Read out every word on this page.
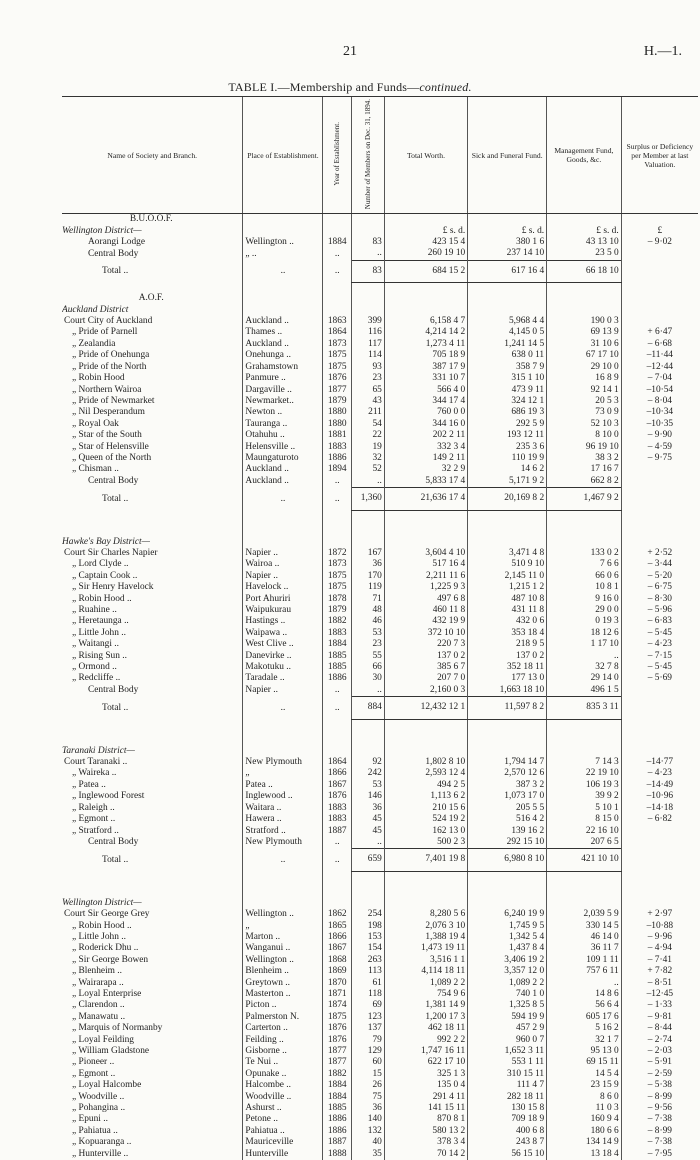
21	H.—1.
TABLE I.—Membership and Funds—continued.
Name of Society and Branch.	Place of Establishment.	Year of Establishment.	Number of Members on Dec. 31, 1894.	Total Worth.	Sick and Funeral Fund.	Management Fund, Goods, &c.	Surplus or Deficiency per Member at last Valuation.
B.U.O.O.F.							
Wellington District—				£ s. d.	£ s. d.	£ s. d.	£
Aorangi Lodge	Wellington ..	1884	83	423 15 4	380 1 6	43 13 10	– 9·02
Central Body	„ ..	..	..	260 19 10	237 14 10	23 5 0	
Total ..	..	..	83	684 15 2	617 16 4	66 18 10	

A.O.F.							
Auckland District							
Court City of Auckland	Auckland ..	1863	399	6,158 4 7	5,968 4 4	190 0 3	
„ Pride of Parnell	Thames ..	1864	116	4,214 14 2	4,145 0 5	69 13 9	+ 6·47
„ Zealandia	Auckland ..	1873	117	1,273 4 11	1,241 14 5	31 10 6	– 6·68
„ Pride of Onehunga	Onehunga ..	1875	114	705 18 9	638 0 11	67 17 10	–11·44
„ Pride of the North	Grahamstown	1875	93	387 17 9	358 7 9	29 10 0	–12·44
„ Robin Hood	Panmure ..	1876	23	331 10 7	315 1 10	16 8 9	– 7·04
„ Northern Wairoa	Dargaville ..	1877	65	566 4 0	473 9 11	92 14 1	–10·54
„ Pride of Newmarket	Newmarket..	1879	43	344 17 4	324 12 1	20 5 3	– 8·04
„ Nil Desperandum	Newton ..	1880	211	760 0 0	686 19 3	73 0 9	–10·34
„ Royal Oak	Tauranga ..	1880	54	344 16 0	292 5 9	52 10 3	–10·35
„ Star of the South	Otahuhu ..	1881	22	202 2 11	193 12 11	8 10 0	– 9·90
„ Star of Helensville	Helensville ..	1883	19	332 3 4	235 3 6	96 19 10	– 4·59
„ Queen of the North	Maungaturoto	1886	32	149 2 11	110 19 9	38 3 2	– 9·75
„ Chisman ..	Auckland ..	1894	52	32 2 9	14 6 2	17 16 7	
Central Body	Auckland ..	..	..	5,833 17 4	5,171 9 2	662 8 2	
Total ..	..	..	1,360	21,636 17 4	20,169 8 2	1,467 9 2	

Hawke's Bay District—							
Court Sir Charles Napier	Napier ..	1872	167	3,604 4 10	3,471 4 8	133 0 2	+ 2·52
„ Lord Clyde ..	Wairoa ..	1873	36	517 16 4	510 9 10	7 6 6	– 3·44
„ Captain Cook ..	Napier ..	1875	170	2,211 11 6	2,145 11 0	66 0 6	– 5·20
„ Sir Henry Havelock	Havelock ..	1875	119	1,225 9 3	1,215 1 2	10 8 1	– 6·75
„ Robin Hood ..	Port Ahuriri	1878	71	497 6 8	487 10 8	9 16 0	– 8·30
„ Ruahine ..	Waipukurau	1879	48	460 11 8	431 11 8	29 0 0	– 5·96
„ Heretaunga ..	Hastings ..	1882	46	432 19 9	432 0 6	0 19 3	– 6·83
„ Little John ..	Waipawa ..	1883	53	372 10 10	353 18 4	18 12 6	– 5·45
„ Waitangi ..	West Clive ..	1884	23	220 7 3	218 9 5	1 17 10	– 4·23
„ Rising Sun ..	Danevirke ..	1885	55	137 0 2	137 0 2	..	– 7·15
„ Ormond ..	Makotuku ..	1885	66	385 6 7	352 18 11	32 7 8	– 5·45
„ Redcliffe ..	Taradale ..	1886	30	207 7 0	177 13 0	29 14 0	– 5·69
Central Body	Napier ..	..	..	2,160 0 3	1,663 18 10	496 1 5	
Total ..	..	..	884	12,432 12 1	11,597 8 2	835 3 11	

Taranaki District—							
Court Taranaki ..	New Plymouth	1864	92	1,802 8 10	1,794 14 7	7 14 3	–14·77
„ Waireka ..	„	1866	242	2,593 12 4	2,570 12 6	22 19 10	– 4·23
„ Patea ..	Patea ..	1867	53	494 2 5	387 3 2	106 19 3	–14·49
„ Inglewood Forest	Inglewood ..	1876	146	1,113 6 2	1,073 17 0	39 9 2	–10·96
„ Raleigh ..	Waitara ..	1883	36	210 15 6	205 5 5	5 10 1	–14·18
„ Egmont ..	Hawera ..	1883	45	524 19 2	516 4 2	8 15 0	– 6·82
„ Stratford ..	Stratford ..	1887	45	162 13 0	139 16 2	22 16 10	
Central Body	New Plymouth	..	..	500 2 3	292 15 10	207 6 5	
Total ..	..	..	659	7,401 19 8	6,980 8 10	421 10 10	

Wellington District—							
Court Sir George Grey	Wellington ..	1862	254	8,280 5 6	6,240 19 9	2,039 5 9	+ 2·97
„ Robin Hood ..	„	1865	198	2,076 3 10	1,745 9 5	330 14 5	–10·88
„ Little John ..	Marton ..	1866	153	1,388 19 4	1,342 5 4	46 14 0	– 9·96
„ Roderick Dhu ..	Wanganui ..	1867	154	1,473 19 11	1,437 8 4	36 11 7	– 4·94
„ Sir George Bowen	Wellington ..	1868	263	3,516 1 1	3,406 19 2	109 1 11	– 7·41
„ Blenheim ..	Blenheim ..	1869	113	4,114 18 11	3,357 12 0	757 6 11	+ 7·82
„ Wairarapa ..	Greytown ..	1870	61	1,089 2 2	1,089 2 2	..	– 8·51
„ Loyal Enterprise	Masterton ..	1871	118	754 9 6	740 1 0	14 8 6	–12·45
„ Clarendon ..	Picton ..	1874	69	1,381 14 9	1,325 8 5	56 6 4	– 1·33
„ Manawatu ..	Palmerston N.	1875	123	1,200 17 3	594 19 9	605 17 6	– 9·81
„ Marquis of Normanby	Carterton ..	1876	137	462 18 11	457 2 9	5 16 2	– 8·44
„ Loyal Feilding	Feilding ..	1876	79	992 2 2	960 0 7	32 1 7	– 2·74
„ William Gladstone	Gisborne ..	1877	129	1,747 16 11	1,652 3 11	95 13 0	– 2·03
„ Pioneer ..	Te Nui ..	1877	60	622 17 10	553 1 11	69 15 11	– 5·91
„ Egmont ..	Opunake ..	1882	15	325 1 3	310 15 11	14 5 4	– 2·59
„ Loyal Halcombe	Halcombe ..	1884	26	135 0 4	111 4 7	23 15 9	– 5·38
„ Woodville ..	Woodville ..	1884	75	291 4 11	282 18 11	8 6 0	– 8·99
„ Pohangina ..	Ashurst ..	1885	36	141 15 11	130 15 8	11 0 3	– 9·56
„ Epuni ..	Petone ..	1886	140	870 8 1	709 18 9	160 9 4	– 7·38
„ Pahiatua ..	Pahiatua ..	1886	132	580 13 2	400 6 8	180 6 6	– 8·99
„ Kopuaranga ..	Mauriceville	1887	40	378 3 4	243 8 7	134 14 9	– 7·38
„ Hunterville ..	Hunterville	1888	35	70 14 2	56 15 10	13 18 4	– 7·95
